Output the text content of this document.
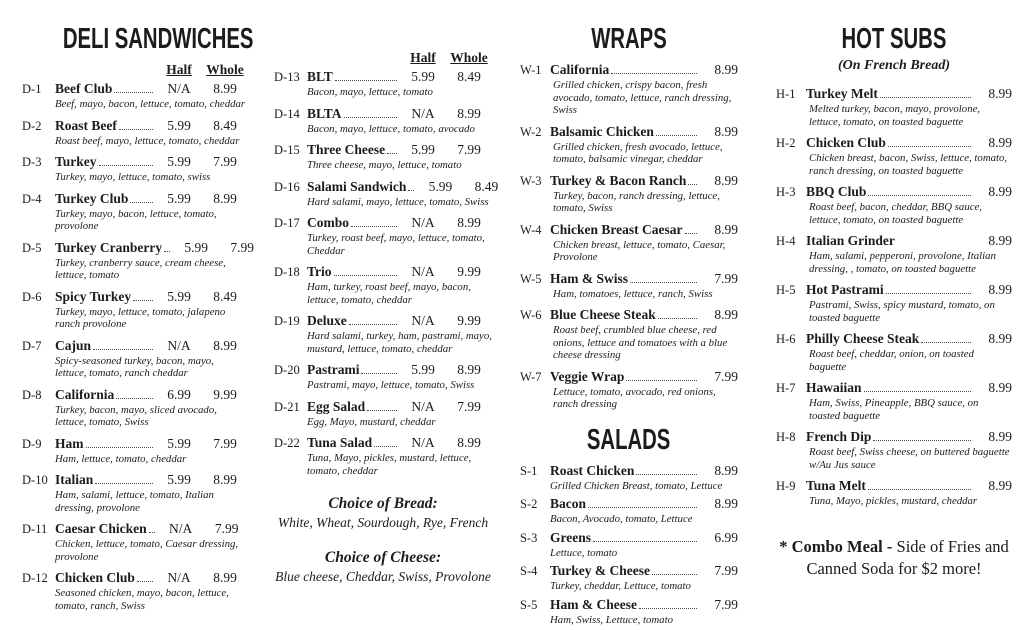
DELI SANDWICHES
Half	Whole
D-1	Beef Club	N/A	8.99
Beef, mayo, bacon, lettuce, tomato, cheddar
D-2	Roast Beef	5.99	8.49
Roast beef, mayo, lettuce, tomato, cheddar
D-3	Turkey	5.99	7.99
Turkey, mayo, lettuce, tomato, swiss
D-4	Turkey Club	5.99	8.99
Turkey, mayo, bacon, lettuce, tomato, provolone
D-5	Turkey Cranberry	5.99	7.99
Turkey, cranberry sauce, cream cheese, lettuce, tomato
D-6	Spicy Turkey	5.99	8.49
Turkey, mayo, lettuce, tomato, jalapeno ranch provolone
D-7	Cajun	N/A	8.99
Spicy-seasoned turkey, bacon, mayo, lettuce, tomato, ranch cheddar
D-8	California	6.99	9.99
Turkey, bacon, mayo, sliced avocado, lettuce, tomato, Swiss
D-9	Ham	5.99	7.99
Ham, lettuce, tomato, cheddar
D-10 Italian	5.99	8.99
Ham, salami, lettuce, tomato, Italian dressing, provolone
D-11 Caesar Chicken	N/A	7.99
Chicken, lettuce, tomato, Caesar dressing, provolone
D-12 Chicken Club	N/A	8.99
Seasoned chicken, mayo, bacon, lettuce, tomato, ranch, Swiss
Half	Whole
D-13 BLT	5.99	8.49
Bacon, mayo, lettuce, tomato
D-14 BLTA	N/A	8.99
Bacon, mayo, lettuce, tomato, avocado
D-15 Three Cheese	5.99	7.99
Three cheese, mayo, lettuce, tomato
D-16 Salami Sandwich	5.99	8.49
Hard salami, mayo, lettuce, tomato, Swiss
D-17 Combo	N/A	8.99
Turkey, roast beef, mayo, lettuce, tomato, Cheddar
D-18 Trio	N/A	9.99
Ham, turkey, roast beef, mayo, bacon, lettuce, tomato, cheddar
D-19 Deluxe	N/A	9.99
Hard salami, turkey, ham, pastrami, mayo, mustard, lettuce, tomato, cheddar
D-20 Pastrami	5.99	8.99
Pastrami, mayo, lettuce, tomato, Swiss
D-21 Egg Salad	N/A	7.99
Egg, Mayo, mustard, cheddar
D-22 Tuna Salad	N/A	8.99
Tuna, Mayo, pickles, mustard, lettuce, tomato, cheddar
Choice of Bread:
White, Wheat, Sourdough, Rye, French
Choice of Cheese:
Blue cheese, Cheddar, Swiss, Provolone
WRAPS
W-1 California	8.99
Grilled chicken, crispy bacon, fresh avocado, tomato, lettuce, ranch dressing, Swiss
W-2 Balsamic Chicken	8.99
Grilled chicken, fresh avocado, lettuce, tomato, balsamic vinegar, cheddar
W-3 Turkey & Bacon Ranch	8.99
Turkey, bacon, ranch dressing, lettuce, tomato, Swiss
W-4 Chicken Breast Caesar	8.99
Chicken breast, lettuce, tomato, Caesar, Provolone
W-5 Ham & Swiss	7.99
Ham, tomatoes, lettuce, ranch, Swiss
W-6 Blue Cheese Steak	8.99
Roast beef, crumbled blue cheese, red onions, lettuce and tomatoes with a blue cheese dressing
W-7 Veggie Wrap	7.99
Lettuce, tomato, avocado, red onions, ranch dressing
SALADS
S-1 Roast Chicken	8.99
Grilled Chicken Breast, tomato, Lettuce
S-2 Bacon	8.99
Bacon, Avocado, tomato, Lettuce
S-3 Greens	6.99
Lettuce, tomato
S-4 Turkey & Cheese	7.99
Turkey, cheddar, Lettuce, tomato
S-5 Ham & Cheese	7.99
Ham, Swiss, Lettuce, tomato
HOT SUBS
(On French Bread)
H-1 Turkey Melt	8.99
Melted turkey, bacon, mayo, provolone, lettuce, tomato, on toasted baguette
H-2 Chicken Club	8.99
Chicken breast, bacon, Swiss, lettuce, tomato, ranch dressing, on toasted baguette
H-3 BBQ Club	8.99
Roast beef, bacon, cheddar, BBQ sauce, lettuce, tomato, on toasted baguette
H-4 Italian Grinder	8.99
Ham, salami, pepperoni, provolone, Italian dressing, , tomato, on toasted baguette
H-5 Hot Pastrami	8.99
Pastrami, Swiss, spicy mustard, tomato, on toasted baguette
H-6 Philly Cheese Steak	8.99
Roast beef, cheddar, onion, on toasted baguette
H-7 Hawaiian	8.99
Ham, Swiss, Pineapple, BBQ sauce, on toasted baguette
H-8 French Dip	8.99
Roast beef, Swiss cheese, on buttered baguette w/Au Jus sauce
H-9 Tuna Melt	8.99
Tuna, Mayo, pickles, mustard, cheddar
* Combo Meal - Side of Fries and Canned Soda for $2 more!
